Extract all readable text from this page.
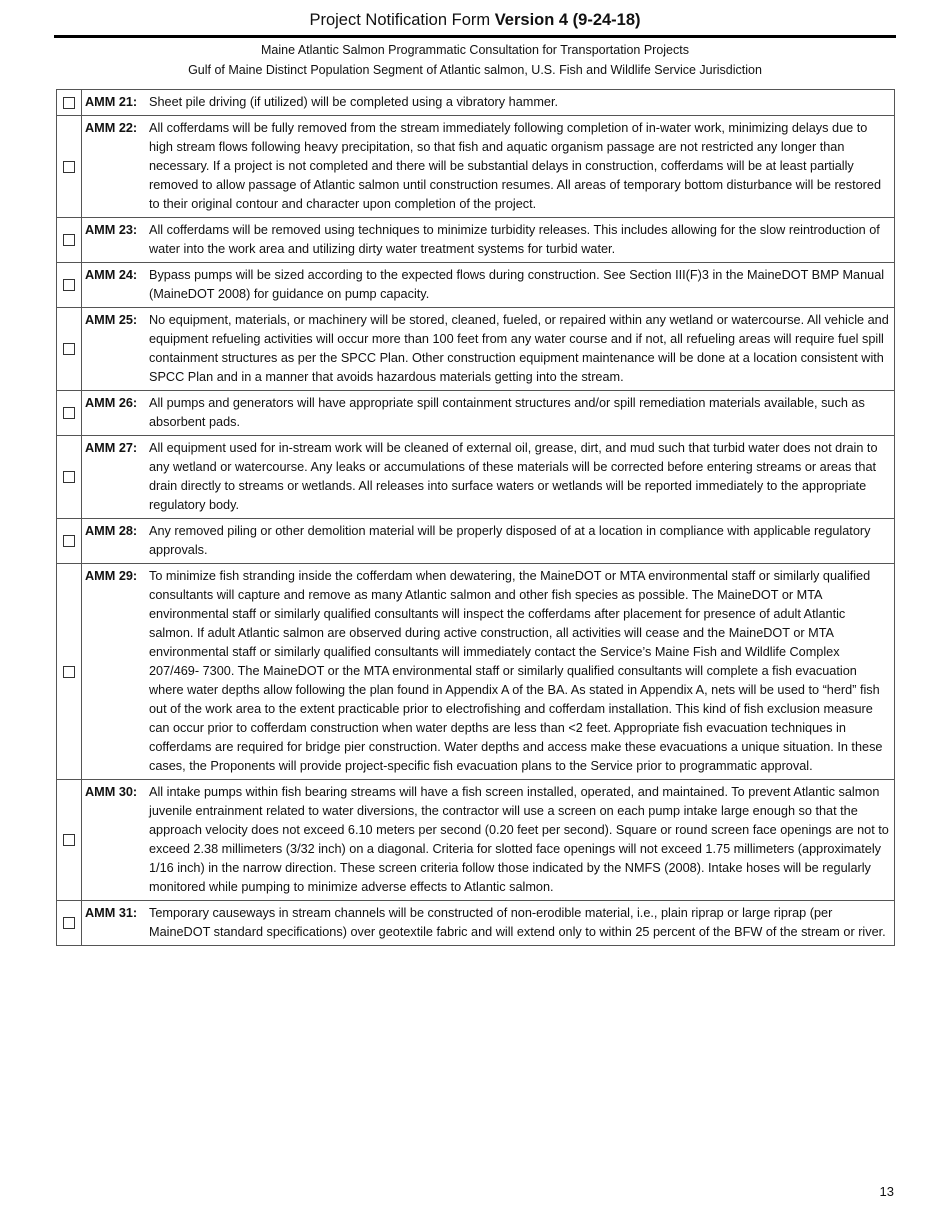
Project Notification Form Version 4 (9-24-18)
Maine Atlantic Salmon Programmatic Consultation for Transportation Projects
Gulf of Maine Distinct Population Segment of Atlantic salmon, U.S. Fish and Wildlife Service Jurisdiction

	AMM 21: Sheet pile driving (if utilized) will be completed using a vibratory hammer.

	AMM 22: All cofferdams will be fully removed from the stream immediately following completion of in-water work, minimizing delays due to high stream flows following heavy precipitation, so that fish and aquatic organism passage are not restricted any longer than necessary. If a project is not completed and there will be substantial delays in construction, cofferdams will be at least partially removed to allow passage of Atlantic salmon until construction resumes. All areas of temporary bottom disturbance will be restored to their original contour and character upon completion of the project.

	AMM 23: All cofferdams will be removed using techniques to minimize turbidity releases. This includes allowing for the slow reintroduction of water into the work area and utilizing dirty water treatment systems for turbid water.

	AMM 24: Bypass pumps will be sized according to the expected flows during construction. See Section III(F)3 in the MaineDOT BMP Manual (MaineDOT 2008) for guidance on pump capacity.

	AMM 25: No equipment, materials, or machinery will be stored, cleaned, fueled, or repaired within any wetland or watercourse. All vehicle and equipment refueling activities will occur more than 100 feet from any water course and if not, all refueling areas will require fuel spill containment structures as per the SPCC Plan. Other construction equipment maintenance will be done at a location consistent with SPCC Plan and in a manner that avoids hazardous materials getting into the stream.

	AMM 26: All pumps and generators will have appropriate spill containment structures and/or spill remediation materials available, such as absorbent pads.

	AMM 27: All equipment used for in-stream work will be cleaned of external oil, grease, dirt, and mud such that turbid water does not drain to any wetland or watercourse. Any leaks or accumulations of these materials will be corrected before entering streams or areas that drain directly to streams or wetlands. All releases into surface waters or wetlands will be reported immediately to the appropriate regulatory body.

	AMM 28: Any removed piling or other demolition material will be properly disposed of at a location in compliance with applicable regulatory approvals.

	AMM 29: To minimize fish stranding inside the cofferdam when dewatering, the MaineDOT or MTA environmental staff or similarly qualified consultants will capture and remove as many Atlantic salmon and other fish species as possible. The MaineDOT or MTA environmental staff or similarly qualified consultants will inspect the cofferdams after placement for presence of adult Atlantic salmon. If adult Atlantic salmon are observed during active construction, all activities will cease and the MaineDOT or MTA environmental staff or similarly qualified consultants will immediately contact the Service’s Maine Fish and Wildlife Complex 207/469- 7300. The MaineDOT or the MTA environmental staff or similarly qualified consultants will complete a fish evacuation where water depths allow following the plan found in Appendix A of the BA. As stated in Appendix A, nets will be used to “herd” fish out of the work area to the extent practicable prior to electrofishing and cofferdam installation. This kind of fish exclusion measure can occur prior to cofferdam construction when water depths are less than <2 feet. Appropriate fish evacuation techniques in cofferdams are required for bridge pier construction. Water depths and access make these evacuations a unique situation. In these cases, the Proponents will provide project-specific fish evacuation plans to the Service prior to programmatic approval.

	AMM 30: All intake pumps within fish bearing streams will have a fish screen installed, operated, and maintained. To prevent Atlantic salmon juvenile entrainment related to water diversions, the contractor will use a screen on each pump intake large enough so that the approach velocity does not exceed 6.10 meters per second (0.20 feet per second). Square or round screen face openings are not to exceed 2.38 millimeters (3/32 inch) on a diagonal. Criteria for slotted face openings will not exceed 1.75 millimeters (approximately 1/16 inch) in the narrow direction. These screen criteria follow those indicated by the NMFS (2008). Intake hoses will be regularly monitored while pumping to minimize adverse effects to Atlantic salmon.

	AMM 31: Temporary causeways in stream channels will be constructed of non-erodible material, i.e., plain riprap or large riprap (per MaineDOT standard specifications) over geotextile fabric and will extend only to within 25 percent of the BFW of the stream or river.
13
